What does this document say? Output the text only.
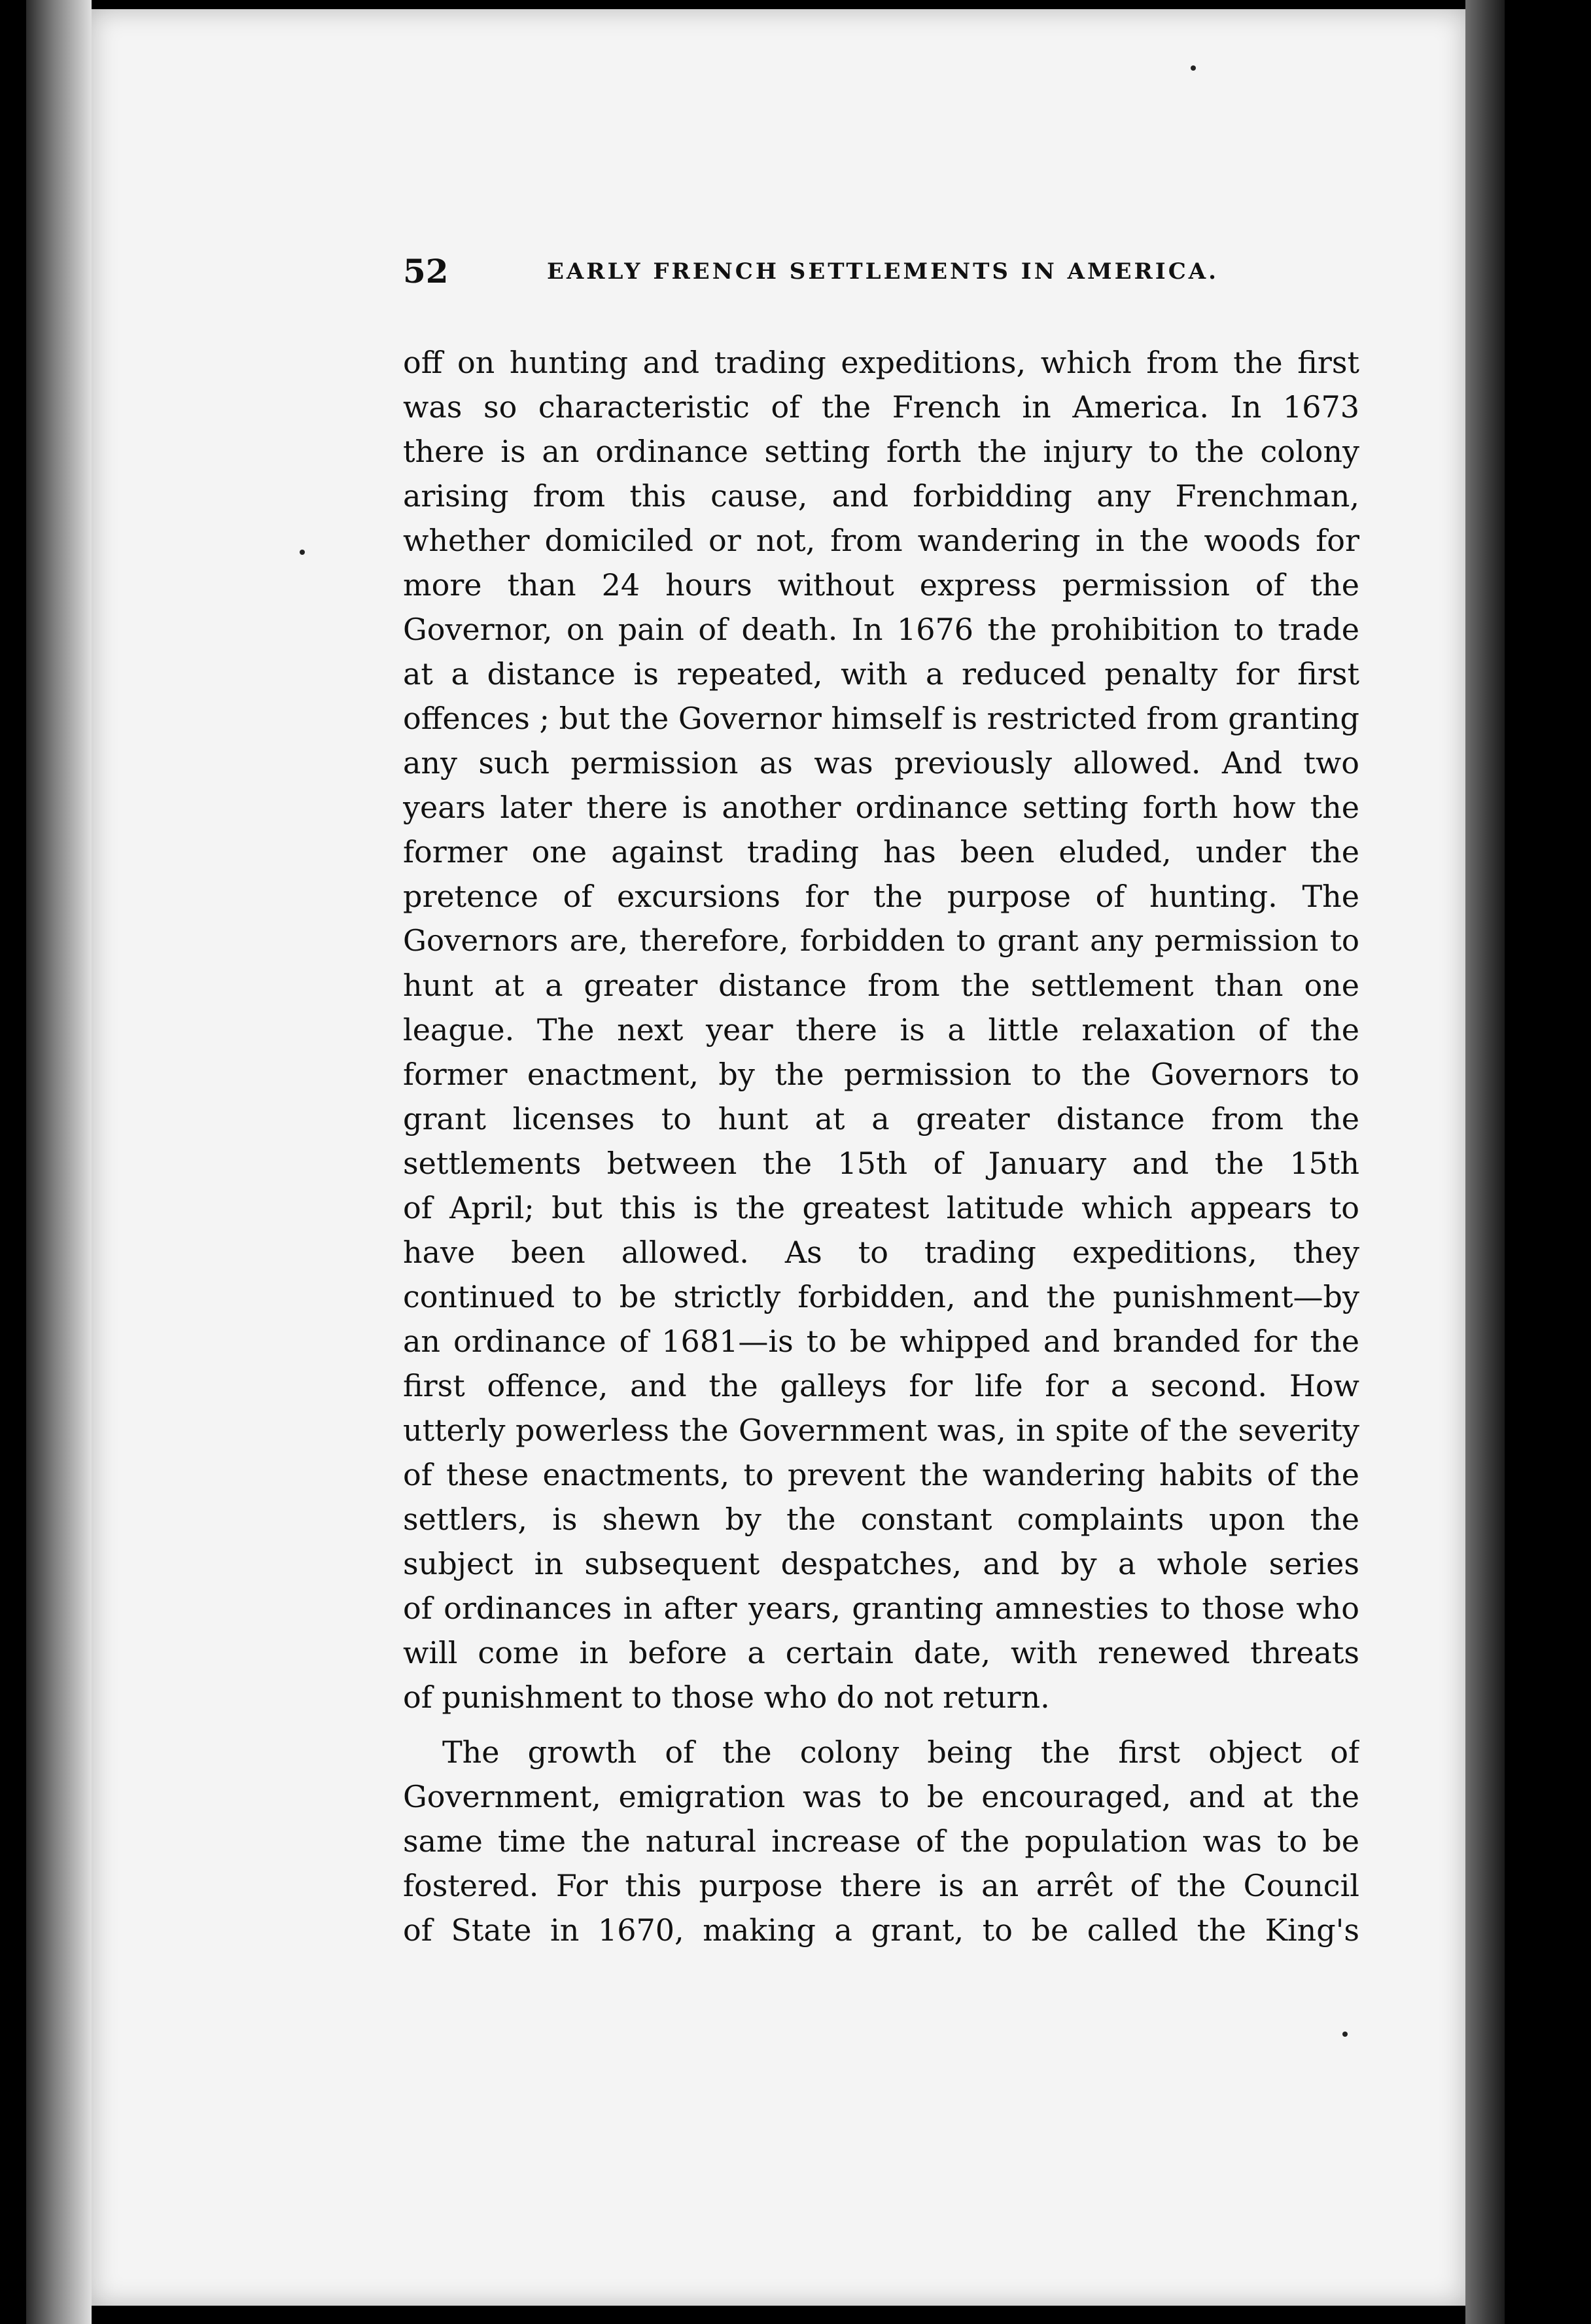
52	EARLY FRENCH SETTLEMENTS IN AMERICA.
off on hunting and trading expeditions, which from the first
was so characteristic of the French in America. In 1673
there is an ordinance setting forth the injury to the colony
arising from this cause, and forbidding any Frenchman,
whether domiciled or not, from wandering in the woods for
more than 24 hours without express permission of the
Governor, on pain of death. In 1676 the prohibition to trade
at a distance is repeated, with a reduced penalty for first
offences ; but the Governor himself is restricted from granting
any such permission as was previously allowed. And two
years later there is another ordinance setting forth how the
former one against trading has been eluded, under the
pretence of excursions for the purpose of hunting. The
Governors are, therefore, forbidden to grant any permission to
hunt at a greater distance from the settlement than one
league. The next year there is a little relaxation of the
former enactment, by the permission to the Governors to
grant licenses to hunt at a greater distance from the
settlements between the 15th of January and the 15th
of April; but this is the greatest latitude which appears to
have been allowed. As to trading expeditions, they
continued to be strictly forbidden, and the punishment—by
an ordinance of 1681—is to be whipped and branded for the
first offence, and the galleys for life for a second. How
utterly powerless the Government was, in spite of the severity
of these enactments, to prevent the wandering habits of the
settlers, is shewn by the constant complaints upon the
subject in subsequent despatches, and by a whole series
of ordinances in after years, granting amnesties to those who
will come in before a certain date, with renewed threats
of punishment to those who do not return.
The growth of the colony being the first object of
Government, emigration was to be encouraged, and at the
same time the natural increase of the population was to be
fostered. For this purpose there is an arrêt of the Council
of State in 1670, making a grant, to be called the King's
